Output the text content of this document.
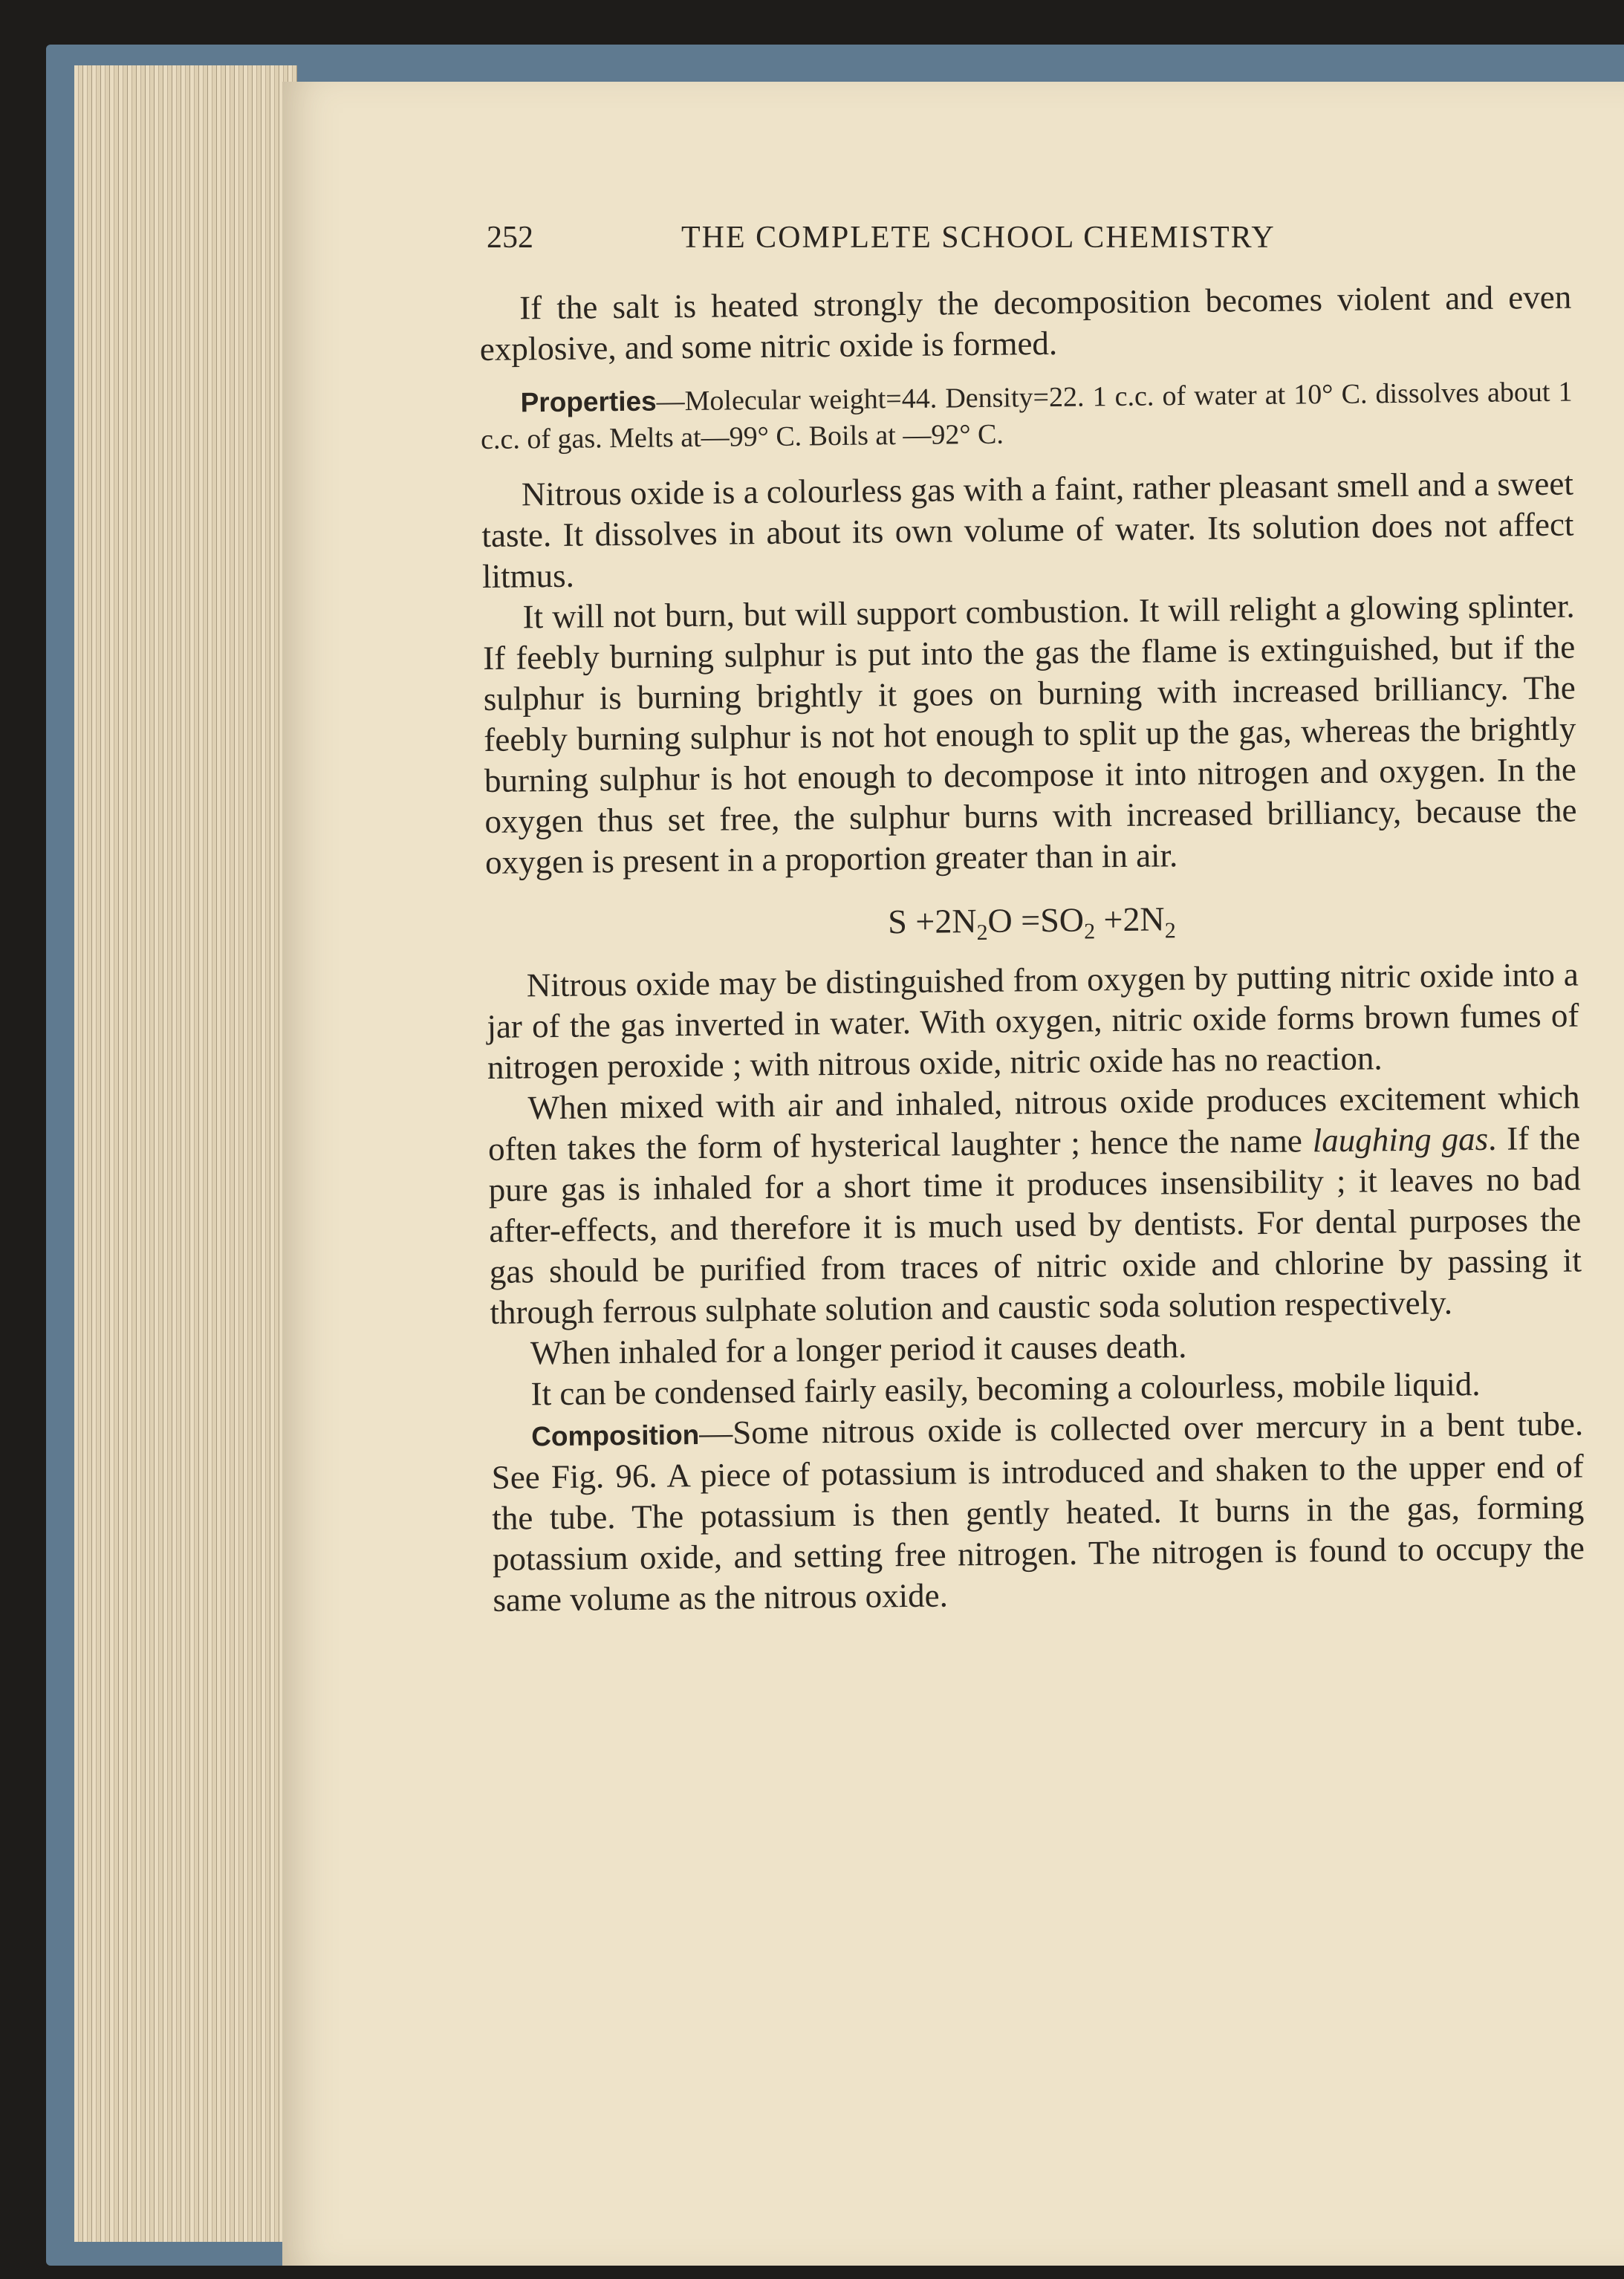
252	THE COMPLETE SCHOOL CHEMISTRY

If the salt is heated strongly the decomposition becomes violent and even explosive, and some nitric oxide is formed.

Properties—Molecular weight=44. Density=22. 1 c.c. of water at 10° C. dissolves about 1 c.c. of gas. Melts at—99° C. Boils at —92° C.

Nitrous oxide is a colourless gas with a faint, rather pleasant smell and a sweet taste. It dissolves in about its own volume of water. Its solution does not affect litmus.

It will not burn, but will support combustion. It will relight a glowing splinter. If feebly burning sulphur is put into the gas the flame is extinguished, but if the sulphur is burning brightly it goes on burning with increased brilliancy. The feebly burning sulphur is not hot enough to split up the gas, whereas the brightly burning sulphur is hot enough to decompose it into nitrogen and oxygen. In the oxygen thus set free, the sulphur burns with increased brilliancy, because the oxygen is present in a proportion greater than in air.

$S +2N_2O =SO_2 +2N_2$

Nitrous oxide may be distinguished from oxygen by putting nitric oxide into a jar of the gas inverted in water. With oxygen, nitric oxide forms brown fumes of nitrogen peroxide ; with nitrous oxide, nitric oxide has no reaction.

When mixed with air and inhaled, nitrous oxide produces excitement which often takes the form of hysterical laughter ; hence the name laughing gas. If the pure gas is inhaled for a short time it produces insensibility ; it leaves no bad after-effects, and therefore it is much used by dentists. For dental purposes the gas should be purified from traces of nitric oxide and chlorine by passing it through ferrous sulphate solution and caustic soda solution respectively.

When inhaled for a longer period it causes death.

It can be condensed fairly easily, becoming a colourless, mobile liquid.

Composition—Some nitrous oxide is collected over mercury in a bent tube. See Fig. 96. A piece of potassium is introduced and shaken to the upper end of the tube. The potassium is then gently heated. It burns in the gas, forming potassium oxide, and setting free nitrogen. The nitrogen is found to occupy the same volume as the nitrous oxide.
